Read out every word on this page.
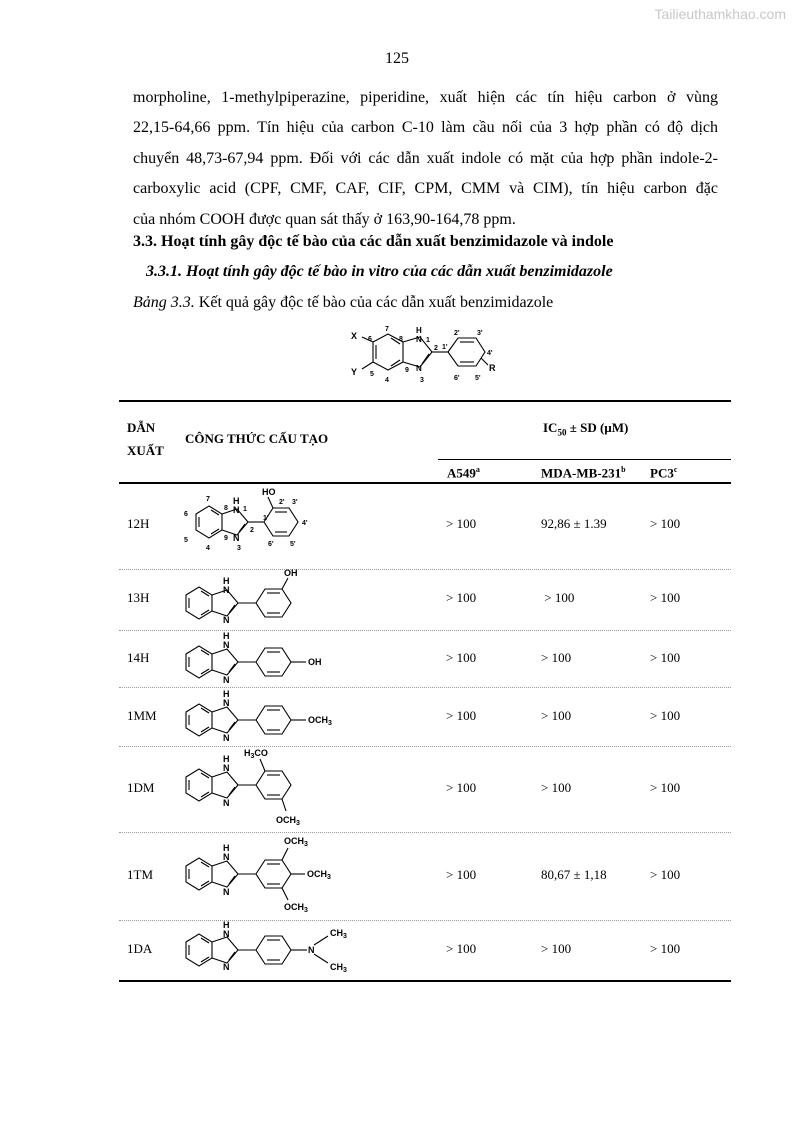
Tailieuthamkhao.com
125
morpholine, 1-methylpiperazine, piperidine, xuất hiện các tín hiệu carbon ở vùng
22,15-64,66 ppm. Tín hiệu của carbon C-10 làm cầu nối của 3 hợp phần có độ dịch
chuyển 48,73-67,94 ppm. Đối với các dẫn xuất indole có mặt của hợp phần indole-2-
carboxylic acid (CPF, CMF, CAF, CIF, CPM, CMM và CIM), tín hiệu carbon đặc
của nhóm COOH được quan sát thấy ở 163,90-164,78 ppm.
3.3. Hoạt tính gây độc tế bào của các dẫn xuất benzimidazole và indole
3.3.1. Hoạt tính gây độc tế bào in vitro của các dẫn xuất benzimidazole
Bảng 3.3. Kết quả gây độc tế bào của các dẫn xuất benzimidazole
X
Y	R
H
N 1
2
N
3
4
5
6
7
8
9
1'
2' 3'
4'
5'
6'
DẪN
XUẤT
CÔNG THỨC CẤU TẠO
$IC_{50}$ ± SD (µM)
A549$^a$	MDA-MB-231$^b$ PC3$^c$
12H	> 100	92,86 ± 1.39	> 100
13H	> 100	> 100	> 100
14H	> 100	> 100	> 100
1MM	> 100	> 100	> 100
1DM	> 100	> 100	> 100
1TM	> 100	80,67 ± 1,18	> 100
1DA	> 100	> 100	> 100
H
N
N
HO
1
2
3
4
5
6
7
8
9
1'
2' 3'
4'
5'
6'
H
N
N
OH
H
N
N
OH
H
N
N
$OCH_3$
H
N
N
$H_3CO$
$OCH_3$
H
N
N
$OCH_3$
$OCH_3$
$OCH_3$
H
N
N
N
$CH_3$
$CH_3$
